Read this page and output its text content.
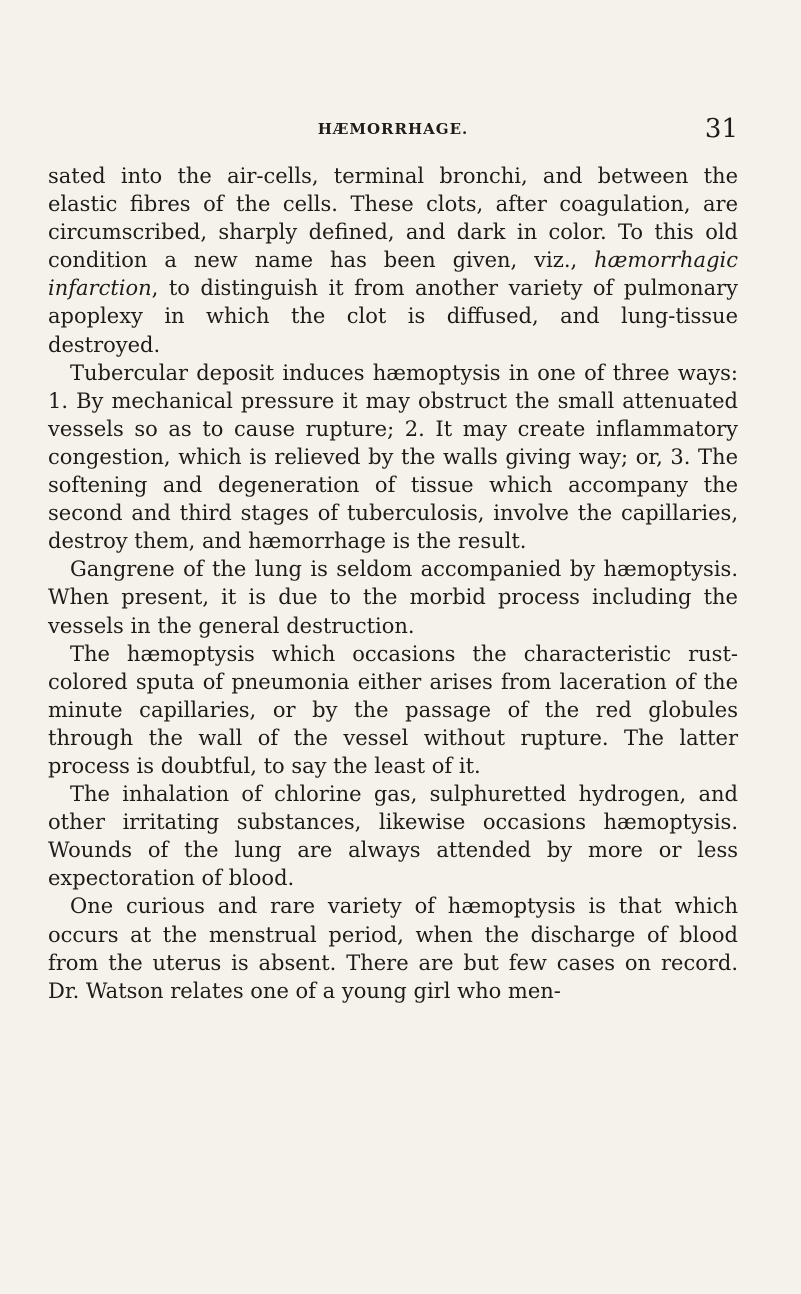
HÆMORRHAGE.	31

sated into the air-cells, terminal bronchi, and between the elastic fibres of the cells. These clots, after coagulation, are circumscribed, sharply defined, and dark in color. To this old condition a new name has been given, viz., hæmorrhagic infarction, to distinguish it from another variety of pulmonary apoplexy in which the clot is diffused, and lung-tissue destroyed.

Tubercular deposit induces hæmoptysis in one of three ways: 1. By mechanical pressure it may obstruct the small attenuated vessels so as to cause rupture; 2. It may create inflammatory congestion, which is relieved by the walls giving way; or, 3. The softening and degeneration of tissue which accompany the second and third stages of tuberculosis, involve the capillaries, destroy them, and hæmorrhage is the result.

Gangrene of the lung is seldom accompanied by hæmoptysis. When present, it is due to the morbid process including the vessels in the general destruction.

The hæmoptysis which occasions the characteristic rust-colored sputa of pneumonia either arises from laceration of the minute capillaries, or by the passage of the red globules through the wall of the vessel without rupture. The latter process is doubtful, to say the least of it.

The inhalation of chlorine gas, sulphuretted hydrogen, and other irritating substances, likewise occasions hæmoptysis. Wounds of the lung are always attended by more or less expectoration of blood.

One curious and rare variety of hæmoptysis is that which occurs at the menstrual period, when the discharge of blood from the uterus is absent. There are but few cases on record. Dr. Watson relates one of a young girl who men-
